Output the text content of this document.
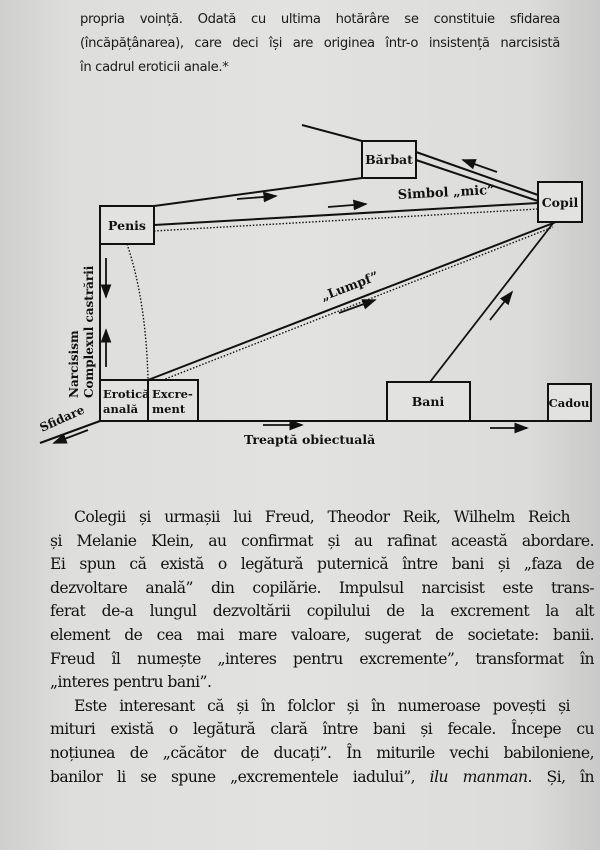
propria voință. Odată cu ultima hotărâre se constituie sfidarea
(încăpățânarea), care deci își are originea într-o insistență narcisistă
în cadrul eroticii anale.*
Bărbat
Copil
Penis
Erotică
anală
Excre-
ment	Bani	Cadou
Simbol „mic”
„Lumpf”
Narcisism Complexul castrării
Sfidare
Treaptă obiectuală
Colegii și urmașii lui Freud, Theodor Reik, Wilhelm Reich
și Melanie Klein, au confirmat și au rafinat această abordare.
Ei spun că există o legătură puternică între bani și „faza de
dezvoltare anală” din copilărie. Impulsul narcisist este trans-
ferat de-a lungul dezvoltării copilului de la excrement la alt
element de cea mai mare valoare, sugerat de societate: banii.
Freud îl numește „interes pentru excremente”, transformat în
„interes pentru bani”.
Este interesant că și în folclor și în numeroase povești și
mituri există o legătură clară între bani și fecale. Începe cu
noțiunea de „căcător de ducați”. În miturile vechi babiloniene,
banilor li se spune „excrementele iadului”, ilu manman. Și, în
